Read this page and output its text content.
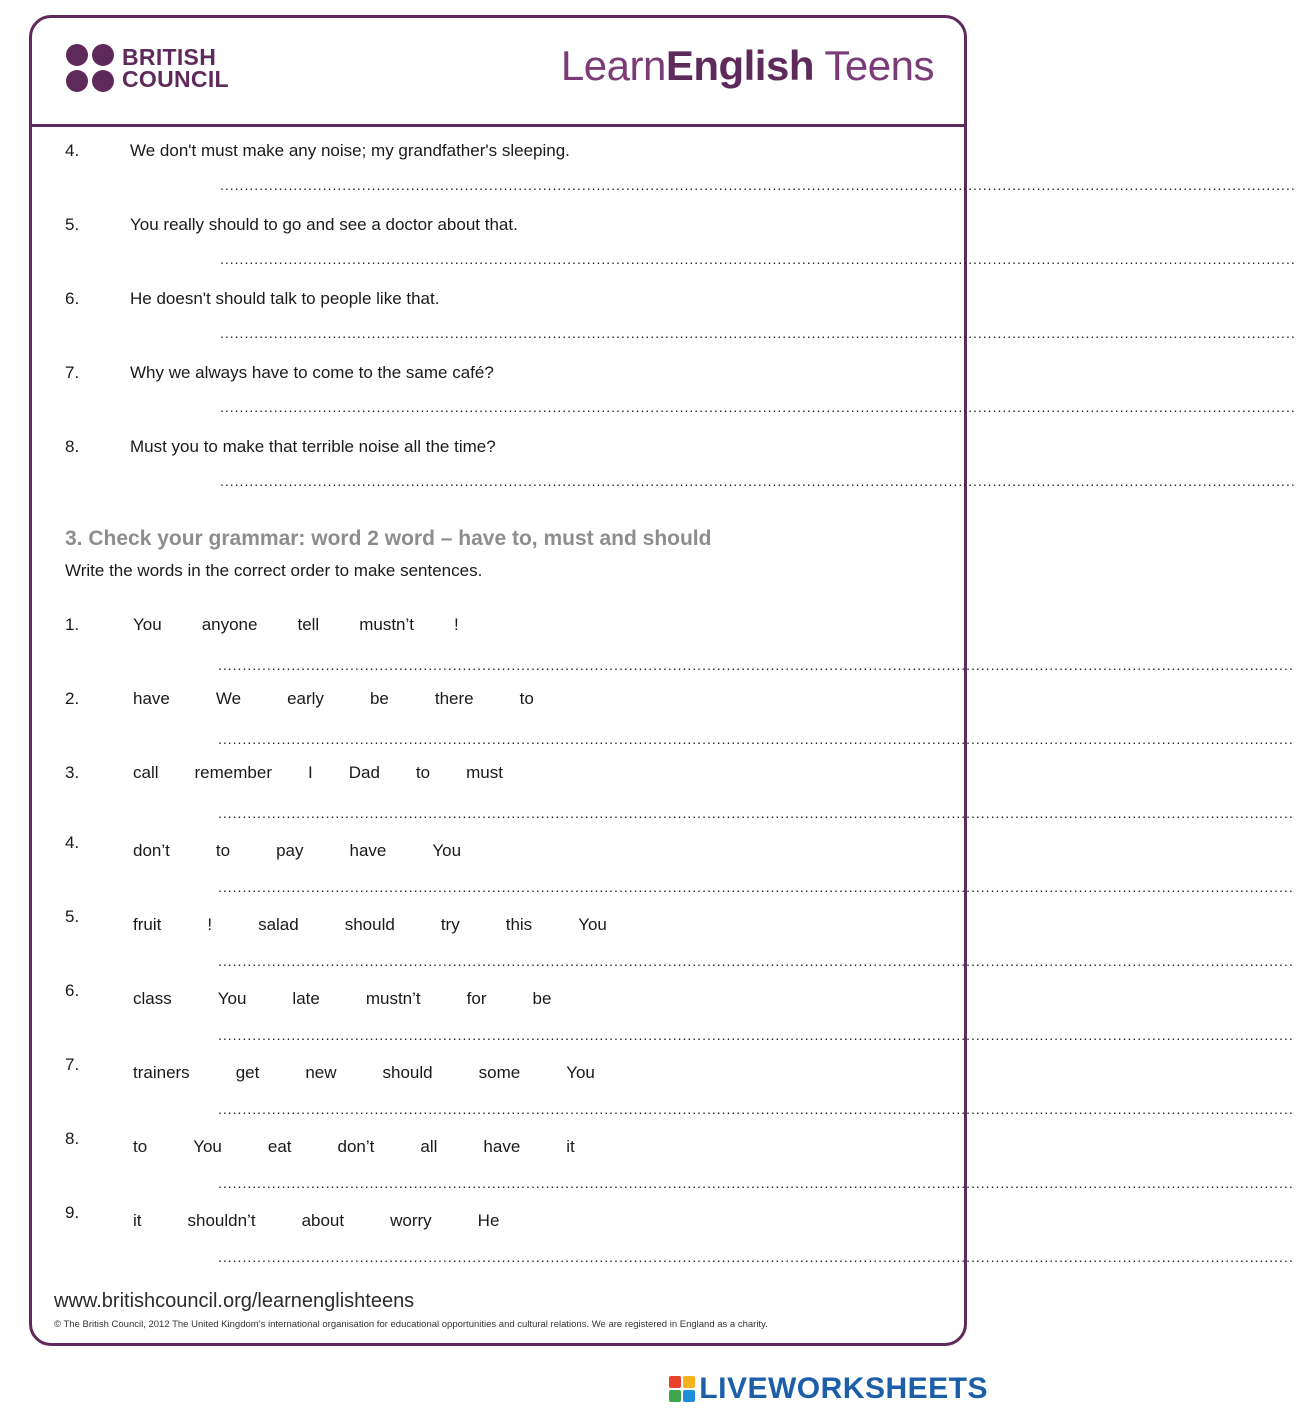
BRITISH
COUNCIL	LearnEnglish Teens
4.	We don't must make any noise; my grandfather's sleeping.
............................................................................................................................................................................................................................
5.	You really should to go and see a doctor about that.
............................................................................................................................................................................................................................
6.	He doesn't should talk to people like that.
............................................................................................................................................................................................................................
7.	Why we always have to come to the same café?
............................................................................................................................................................................................................................
8.	Must you to make that terrible noise all the time?
............................................................................................................................................................................................................................
3. Check your grammar: word 2 word – have to, must and should
Write the words in the correct order to make sentences.
1.	You anyone tell mustn’t !
............................................................................................................................................................................................................................
2.	have	We	early	be	there	to
............................................................................................................................................................................................................................
3.	call remember I Dad to must
............................................................................................................................................................................................................................
4.	don’t	to	pay	have	You
............................................................................................................................................................................................................................
5.	fruit	!	salad	should	try	this	You
............................................................................................................................................................................................................................
6.	class	You	late	mustn’t	for	be
............................................................................................................................................................................................................................
7.	trainers	get	new	should	some	You
............................................................................................................................................................................................................................
8.	to	You	eat	don’t	all	have	it
............................................................................................................................................................................................................................
9.	it	shouldn’t	about	worry	He
............................................................................................................................................................................................................................
www.britishcouncil.org/learnenglishteens
© The British Council, 2012 The United Kingdom’s international organisation for educational opportunities and cultural relations. We are registered in England as a charity.
LIVEWORKSHEETS
